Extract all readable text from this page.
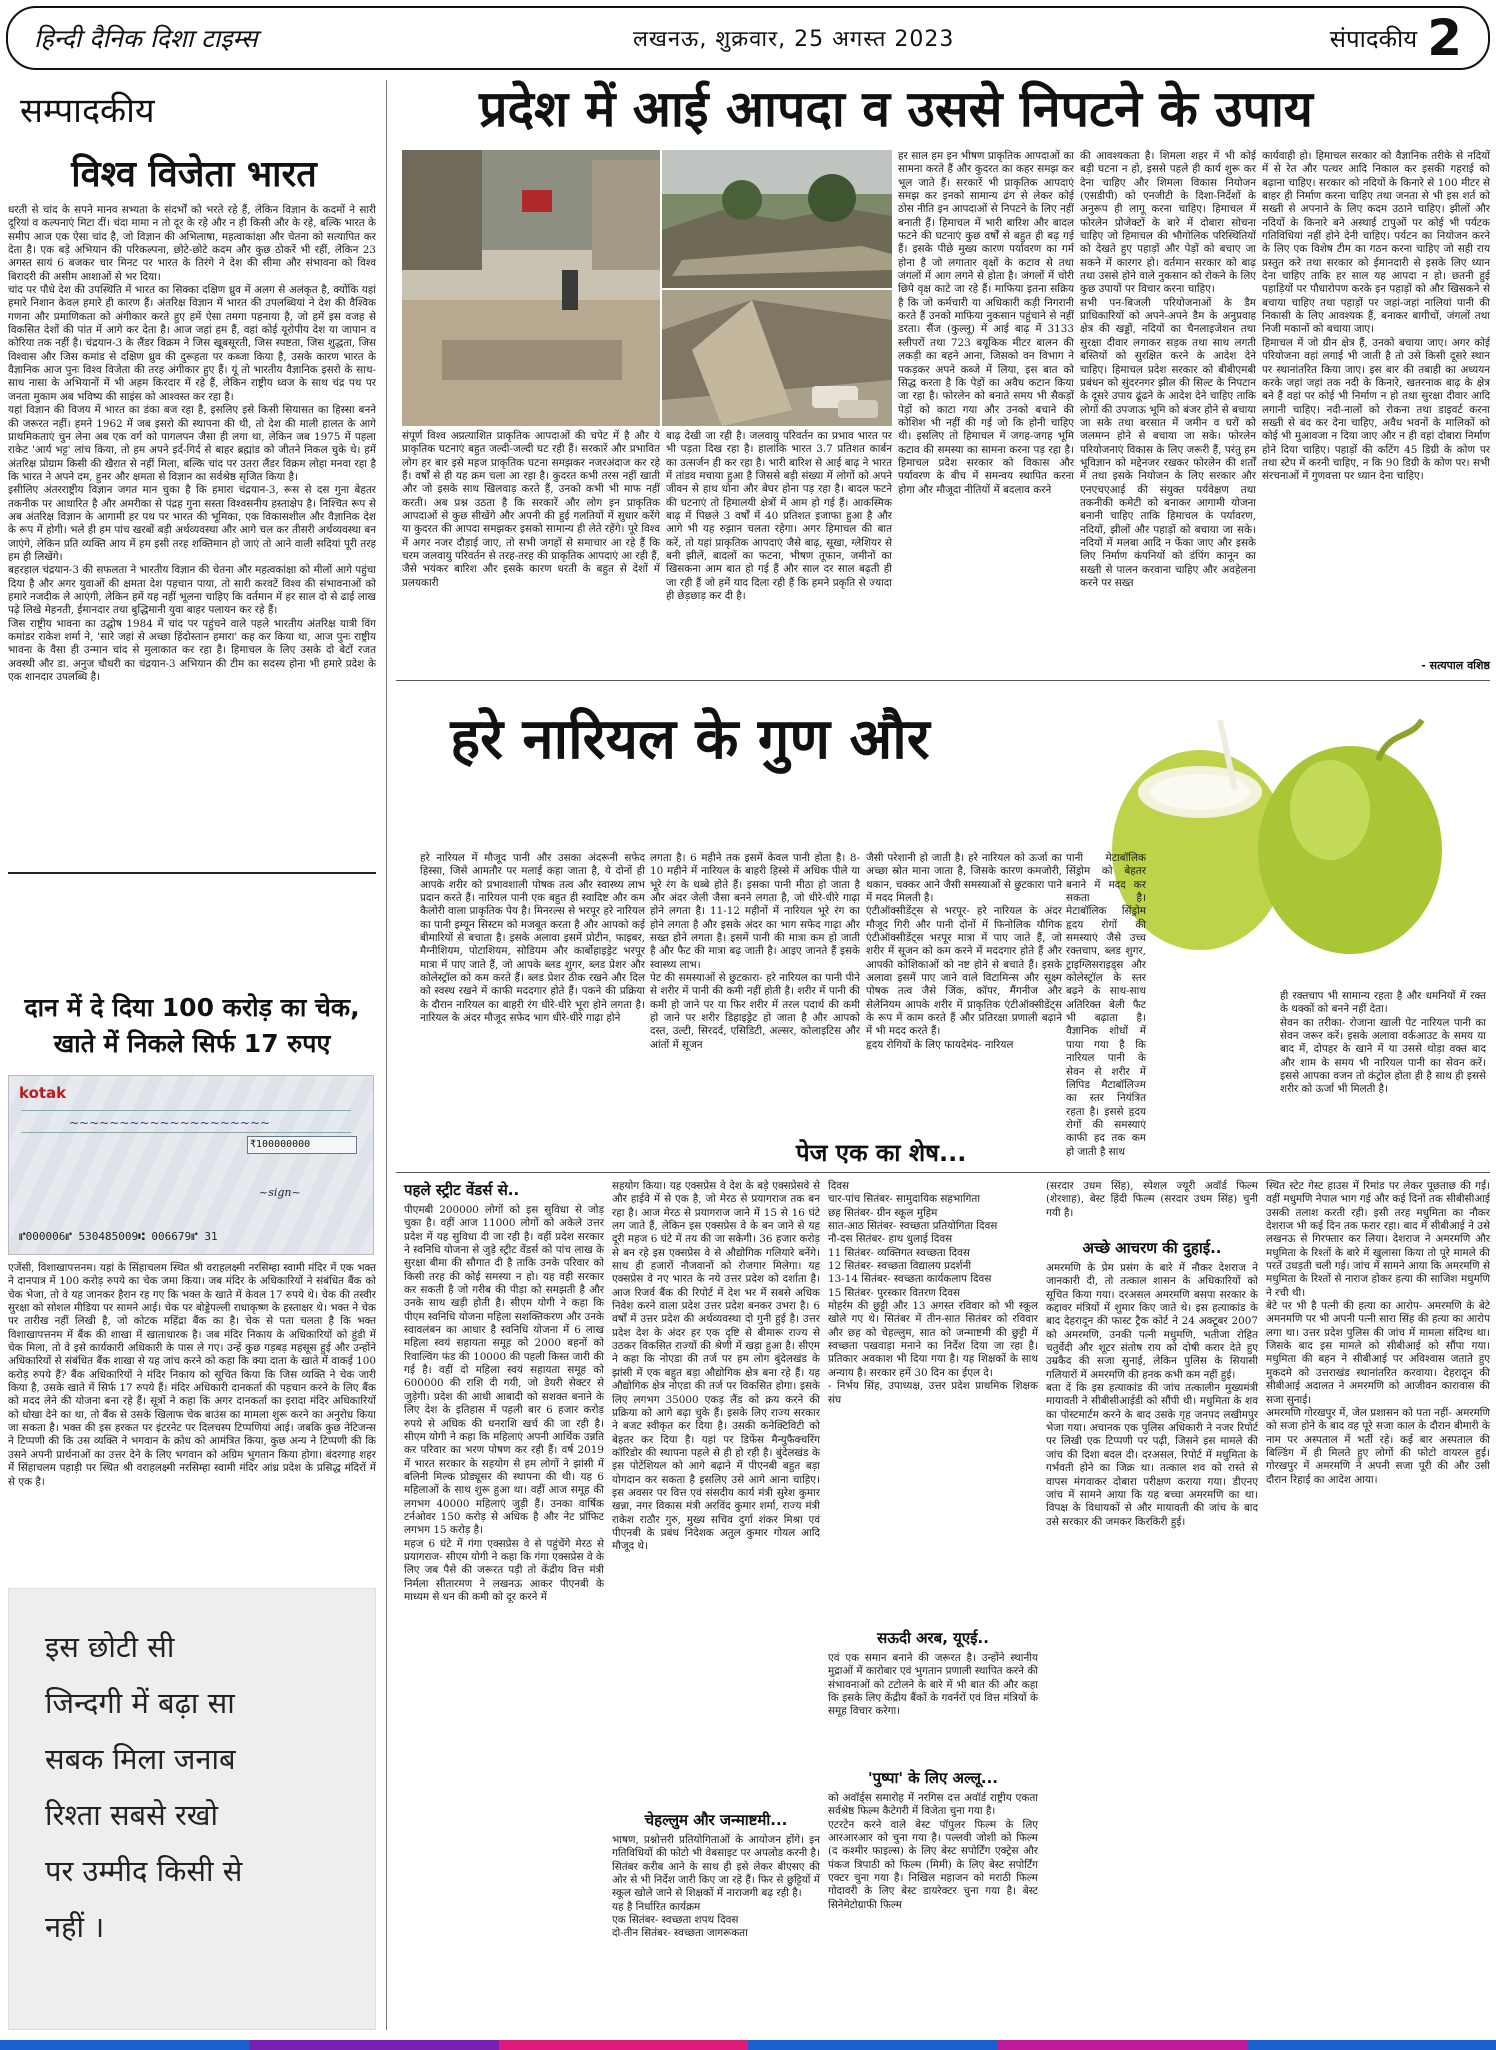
हिन्दी दैनिक दिशा टाइम्स	लखनऊ, शुक्रवार, 25 अगस्त 2023	संपादकीय 2
सम्पादकीय
विश्व विजेता भारत
धरती से चांद के सपने मानव सभ्यता के संदर्भों को भरते रहे हैं, लेकिन विज्ञान के कदमों ने सारी दूरियां व कल्पनाएं मिटा दीं। चंदा मामा न तो दूर के रहे और न ही किसी और के रहे, बल्कि भारत के समीप आज एक ऐसा चांद है, जो विज्ञान की अभिलाषा, महत्वाकांक्षा और चेतना को सत्यापित कर देता है। एक बड़े अभियान की परिकल्पना, छोटे-छोटे कदम और कुछ ठोकरें भी रहीं, लेकिन 23 अगस्त सायं 6 बजकर चार मिनट पर भारत के तिरंगे ने देश की सीमा और संभावना को विश्व बिरादरी की असीम आशाओं से भर दिया।
चांद पर पौधे देश की उपस्थिति में भारत का सिक्का दक्षिण ध्रुव में अलग से अलंकृत है, क्योंकि यहां हमारे निशान केवल हमारे ही कारण हैं। अंतरिक्ष विज्ञान में भारत की उपलब्धियां ने देश की वैश्विक गणना और प्रमाणिकता को अंगीकार करते हुए हमें ऐसा तमगा पहनाया है, जो हमें इस वजह से विकसित देशों की पांत में आगे कर देता है। आज जहां हम हैं, वहां कोई यूरोपीय देश या जापान व कोरिया तक नहीं है। चंद्रयान-3 के लैंडर विक्रम ने जिस खूबसूरती, जिस स्पष्टता, जिस शुद्धता, जिस विश्वास और जिस कमांड से दक्षिण ध्रुव की दुरूहता पर कब्जा किया है, उसके कारण भारत के वैज्ञानिक आज पुनः विश्व विजेता की तरह अंगीकार हुए हैं। यूं तो भारतीय वैज्ञानिक इसरो के साथ-साथ नासा के अभियानों में भी अहम किरदार में रहे हैं, लेकिन राष्ट्रीय ध्वज के साथ चंद्र पथ पर जनता मुकाम अब भविष्य की साइंस को आश्वस्त कर रहा है।
यहां विज्ञान की विजय में भारत का डंका बज रहा है, इसलिए इसे किसी सियासत का हिस्सा बनने की जरूरत नहीं। हमने 1962 में जब इसरो की स्थापना की थी, तो देश की माली हालत के आगे प्राथमिकताएं चुन लेना अब एक वर्ग को पागलपन जैसा ही लगा था, लेकिन जब 1975 में पहला राकेट 'आर्य भट्ट' लांच किया, तो हम अपने इर्द-गिर्द से बाहर ब्रह्मांड को जीतने निकल चुके थे। हमें अंतरिक्ष प्रोग्राम किसी की खैरात से नहीं मिला, बल्कि चांद पर उतरा लैंडर विक्रम लोहा मनवा रहा है कि भारत ने अपने दम, हुनर और क्षमता से विज्ञान का सर्वश्रेष्ठ सृजित किया है।
इसीलिए अंतरराष्ट्रीय विज्ञान जगत मान चुका है कि हमारा चंद्रयान-3, रूस से दस गुना बेहतर तकनीक पर आधारित है और अमरीका से पंद्रह गुना सस्ता विश्वसनीय हस्ताक्षेप है। निश्चित रूप से अब अंतरिक्ष विज्ञान के आगामी हर पथ पर भारत की भूमिका, एक विकासशील और वैज्ञानिक देश के रूप में होगी। भले ही हम पांच खरबों बड़ी अर्थव्यवस्था और आगे चल कर तीसरी अर्थव्यवस्था बन जाएंगे, लेकिन प्रति व्यक्ति आय में हम इसी तरह शक्तिमान हो जाएं तो आने वाली सदियां पूरी तरह हम ही लिखेंगे।
बहरहाल चंद्रयान-3 की सफलता ने भारतीय विज्ञान की चेतना और महत्वकांक्षा को मीलों आगे पहुंचा दिया है और अगर युवाओं की क्षमता देश पहचान पाया, तो सारी करवटें विश्व की संभावनाओं को हमारे नजदीक ले आएंगी, लेकिन हमें यह नहीं भूलना चाहिए कि वर्तमान में हर साल दो से ढाई लाख पढ़े लिखे मेहनती, ईमानदार तथा बुद्धिमानी युवा बाहर पलायन कर रहे हैं।
जिस राष्ट्रीय भावना का उद्घोष 1984 में चांद पर पहुंचने वाले पहले भारतीय अंतरिक्ष यात्री विंग कमांडर राकेश शर्मा ने, 'सारे जहां से अच्छा हिंदोस्तान हमारा' कह कर किया था, आज पुनः राष्ट्रीय भावना के वैसा ही उन्मान चांद से मुलाकात कर रहा है। हिमाचल के लिए उसके दो बेटों रजत अवस्थी और डा. अनुज चौधरी का चंद्रयान-3 अभियान की टीम का सदस्य होना भी हमारे प्रदेश के एक शानदार उपलब्धि है।
दान में दे दिया 100 करोड़ का चेक, खाते में निकले सिर्फ 17 रुपए
kotak
~~~~~~~~~~~~~~~~~~~~
₹100000000
~sign~
⑈000006⑈ 530485009⑆ 006679⑈ 31
एजेंसी, विशाखापत्तनम। यहां के सिंहाचलम स्थित श्री वराहलक्ष्मी नरसिम्हा स्वामी मंदिर में एक भक्त ने दानपात्र में 100 करोड़ रुपये का चेक जमा किया। जब मंदिर के अधिकारियों ने संबंधित बैंक को चेक भेजा, तो वे यह जानकर हैरान रह गए कि भक्त के खाते में केवल 17 रुपये थे। चेक की तस्वीर सुरक्षा को सोशल मीडिया पर सामने आई। चेक पर बोड्डेपल्ली राधाकृष्ण के हस्ताक्षर थे। भक्त ने चेक पर तारीख नहीं लिखी है, जो कोटक महिंद्रा बैंक का है। चेक से पता चलता है कि भक्त विशाखापत्तनम में बैंक की शाखा में खाताधारक है। जब मंदिर निकाय के अधिकारियों को हुंडी में चेक मिला, तो वे इसे कार्यकारी अधिकारी के पास ले गए। उन्हें कुछ गड़बड़ महसूस हुई और उन्होंने अधिकारियों से संबंधित बैंक शाखा से यह जांच करने को कहा कि क्या दाता के खाते में वाकई 100 करोड़ रुपये हैं? बैंक अधिकारियों ने मंदिर निकाय को सूचित किया कि जिस व्यक्ति ने चेक जारी किया है, उसके खाते में सिर्फ 17 रुपये हैं। मंदिर अधिकारी दानकर्ता की पहचान करने के लिए बैंक को मदद लेने की योजना बना रहे हैं। सूत्रों ने कहा कि अगर दानकर्ता का इरादा मंदिर अधिकारियों को धोखा देने का था, तो बैंक से उसके खिलाफ चेक बाउंस का मामला शुरू करने का अनुरोध किया जा सकता है। भक्त की इस हरकत पर इंटरनेट पर दिलचस्प टिप्पणियां आई। जबकि कुछ नेटिजन्स ने टिप्पणी की कि उस व्यक्ति ने भगवान के क्रोध को आमंत्रित किया, कुछ अन्य ने टिप्पणी की कि उसने अपनी प्रार्थनाओं का उत्तर देने के लिए भगवान को अग्रिम भुगतान किया होगा। बंदरगाह शहर में सिंहाचलम पहाड़ी पर स्थित श्री वराहलक्ष्मी नरसिम्हा स्वामी मंदिर आंध्र प्रदेश के प्रसिद्ध मंदिरों में से एक है।
इस छोटी सी
जिन्दगी में बढ़ा सा
सबक मिला जनाब
रिश्ता सबसे रखो
पर उम्मीद किसी से
नहीं ।
प्रदेश में आई आपदा व उससे निपटने के उपाय
संपूर्ण विश्व अप्रत्याशित प्राकृतिक आपदाओं की चपेट में है और ये प्राकृतिक घटनाएं बहुत जल्दी-जल्दी घट रही हैं। सरकारें और प्रभावित लोग हर बार इसे महज प्राकृतिक घटना समझकर नजरअंदाज कर रहे हैं। वर्षों से ही यह क्रम चला आ रहा है। कुदरत कभी तरस नहीं खाती और जो इसके साथ खिलवाड़ करते हैं, उनको कभी भी माफ नहीं करती। अब प्रश्न उठता है कि सरकारें और लोग इन प्राकृतिक आपदाओं से कुछ सीखेंगे और अपनी की हुई गलतियों में सुधार करेंगे या कुदरत की आपदा समझकर इसको सामान्य ही लेते रहेंगे। पूरे विश्व में अगर नजर दौड़ाई जाए, तो सभी जगहों से समाचार आ रहे हैं कि चरम जलवायु परिवर्तन से तरह-तरह की प्राकृतिक आपदाएं आ रही हैं, जैसे भयंकर बारिश और इसके कारण धरती के बहुत से देशों में प्रलयकारी
बाढ़ देखी जा रही है। जलवायु परिवर्तन का प्रभाव भारत पर भी पड़ता दिख रहा है। हालांकि भारत 3.7 प्रतिशत कार्बन का उत्सर्जन ही कर रहा है। भारी बारिश से आई बाढ़ ने भारत में तांडव मचाया हुआ है जिससे बड़ी संख्या में लोगों को अपने जीवन से हाथ धोना और बेघर होना पड़ रहा है। बादल फटने की घटनाएं तो हिमालयी क्षेत्रों में आम हो गई हैं। आकस्मिक बाढ़ में पिछले 3 वर्षों में 40 प्रतिशत इजाफा हुआ है और आगे भी यह रुझान चलता रहेगा। अगर हिमाचल की बात करें, तो यहां प्राकृतिक आपदाएं जैसे बाढ़, सूखा, ग्लेशियर से बनी झीलें, बादलों का फटना, भीषण तूफान, जमीनों का खिसकना आम बात हो गई हैं और साल दर साल बढ़ती ही जा रही हैं जो हमें याद दिला रही हैं कि हमने प्रकृति से ज्यादा ही छेड़छाड़ कर दी है।
हर साल हम इन भीषण प्राकृतिक आपदाओं का सामना करते हैं और कुदरत का कहर समझ कर भूल जाते हैं। सरकारें भी प्राकृतिक आपदाएं समझ कर इनको सामान्य ढंग से लेकर कोई ठोस नीति इन आपदाओं से निपटने के लिए नहीं बनाती हैं। हिमाचल में भारी बारिश और बादल फटने की घटनाएं कुछ वर्षों से बहुत ही बढ़ गई हैं। इसके पीछे मुख्य कारण पर्यावरण का गर्म होना है जो लगातार वृक्षों के कटाव से तथा जंगलों में आग लगने से होता है। जंगलों में चोरी छिपे वृक्ष काटे जा रहे हैं। माफिया इतना सक्रिय है कि जो कर्मचारी या अधिकारी कड़ी निगरानी करते हैं उनको माफिया नुकसान पहुंचाने से नहीं डरता। सैंज (कुल्लू) में आई बाढ़ में 3133 स्लीपरों तथा 723 बयूकिक मीटर बालन की लकड़ी का बहने आना, जिसको वन विभाग ने पकड़कर अपने कब्जे में लिया, इस बात को सिद्ध करता है कि पेड़ों का अवैध कटान किया जा रहा है। फोरलेन को बनाते समय भी सैकड़ों पेड़ों को काटा गया और उनको बचाने की कोशिश भी नहीं की गई जो कि होनी चाहिए थी। इसलिए तो हिमाचल में जगह-जगह भूमि कटाव की समस्या का सामना करना पड़ रहा है। हिमाचल प्रदेश सरकार को विकास और पर्यावरण के बीच में समन्वय स्थापित करना होगा और मौजूदा नीतियों में बदलाव करने
की आवश्यकता है। शिमला शहर में भी कोई बड़ी घटना न हो, इससे पहले ही कार्य शुरू कर देना चाहिए और शिमला विकास नियोजन (एसडीपी) को एनजीटी के दिशा-निर्देशों के अनुरूप ही लागू करना चाहिए। हिमाचल में फोरलेन प्रोजेक्टों के बारे में दोबारा सोचना चाहिए जो हिमाचल की भौगोलिक परिस्थितियों को देखते हुए पहाड़ों और पेड़ों को बचाए जा सकने में कारगर हो। वर्तमान सरकार को बाढ़ तथा उससे होने वाले नुकसान को रोकने के लिए कुछ उपायों पर विचार करना चाहिए।
सभी पन-बिजली परियोजनाओं के डैम प्राधिकारियों को अपने-अपने डैम के अनुप्रवाह क्षेत्र की खड्डों, नदियों का चैनलाइजेशन तथा सुरक्षा दीवार लगाकर सड़क तथा साथ लगती बस्तियों को सुरक्षित करने के आदेश देने चाहिए। हिमाचल प्रदेश सरकार को बीबीएमबी प्रबंधन को सुंदरनगर झील की सिल्ट के निपटान के दूसरे उपाय ढूंढने के आदेश देने चाहिए ताकि लोगों की उपजाऊ भूमि को बंजर होने से बचाया जा सके तथा बरसात में जमीन व घरों को जलमग्न होने से बचाया जा सके। फोरलेन परियोजनाएं विकास के लिए जरूरी हैं, परंतु हम भूविज्ञान को मद्देनजर रखकर फोरलेन की शर्तों में तथा इसके नियोजन के लिए सरकार और एनएचएआई की संयुक्त पर्यवेक्षण तथा तकनीकी कमेटी को बनाकर आगामी योजना बनानी चाहिए ताकि हिमाचल के पर्यावरण, नदियों, झीलों और पहाड़ों को बचाया जा सके। नदियों में मलबा आदि न फेंका जाए और इसके लिए निर्माण कंपनियों को डंपिंग कानून का सख्ती से पालन करवाना चाहिए और अवहेलना करने पर सख्त
कार्यवाही हो। हिमाचल सरकार को वैज्ञानिक तरीके से नदियों में से रेत और पत्थर आदि निकाल कर इसकी गहराई को बढ़ाना चाहिए। सरकार को नदियों के किनारे से 100 मीटर से बाहर ही निर्माण करना चाहिए तथा जनता से भी इस शर्त को सख्ती से अपनाने के लिए कदम उठाने चाहिए। झीलों और नदियों के किनारे बने अस्थाई टापुओं पर कोई भी पर्यटक गतिविधियां नहीं होने देनी चाहिए। पर्यटन का नियोजन करने के लिए एक विशेष टीम का गठन करना चाहिए जो सही राय प्रस्तुत करे तथा सरकार को ईमानदारी से इसके लिए ध्यान देना चाहिए ताकि हर साल यह आपदा न हो। छतनी हुई पहाड़ियों पर पौधारोपण करके इन पहाड़ों को और खिसकने से बचाया चाहिए तथा पहाड़ों पर जहां-जहां नालियां पानी की निकासी के लिए आवश्यक हैं, बनाकर बागीचों, जंगलों तथा निजी मकानों को बचाया जाए।
हिमाचल में जो ग्रीन क्षेत्र हैं, उनको बचाया जाए। अगर कोई परियोजना वहां लगाई भी जाती है तो उसे किसी दूसरे स्थान पर स्थानांतरित किया जाए। इस बार की तबाही का अध्ययन करके जहां जहां तक नदी के किनारे, खतरनाक बाढ़ के क्षेत्र बने हैं वहां पर कोई भी निर्माण न हो तथा सुरक्षा दीवार आदि लगानी चाहिए। नदी-नालों को रोकना तथा डाइवर्ट करना सख्ती से बंद कर देना चाहिए, अवैध भवनों के मालिकों को कोई भी मुआवजा न दिया जाए और न ही वहां दोबारा निर्माण होने दिया चाहिए। पहाड़ों की कटिंग 45 डिग्री के कोण पर तथा स्टेप में करनी चाहिए, न कि 90 डिग्री के कोण पर। सभी संरचनाओं में गुणवत्ता पर ध्यान देना चाहिए।
- सत्यपाल वशिष्ठ
हरे नारियल के गुण और
हरे नारियल में मौजूद पानी और उसका अंदरूनी सफेद हिस्सा, जिसे आमतौर पर मलाई कहा जाता है, ये दोनों ही आपके शरीर को प्रभावशाली पोषक तत्व और स्वास्थ्य लाभ प्रदान करते हैं। नारियल पानी एक बहुत ही स्वादिष्ट और कम कैलोरी वाला प्राकृतिक पेय है। मिनरल्स से भरपूर हरे नारियल का पानी इम्यून सिस्टम को मजबूत करता है और आपको कई बीमारियों से बचाता है। इसके अलावा इसमें प्रोटीन, फाइबर, मैग्नीशियम, पोटाशियम, सोडियम और कार्बोहाइड्रेट भरपूर मात्रा में पाए जाते हैं, जो आपके ब्लड शुगर, ब्लड प्रेशर और कोलेस्ट्रॉल को कम करते हैं। ब्लड प्रेशर ठीक रखने और दिल को स्वस्थ रखने में काफी मददगार होते हैं। पकने की प्रक्रिया के दौरान नारियल का बाहरी रंग धीरे-धीरे भूरा होने लगता है। नारियल के अंदर मौजूद सफेद भाग धीरे-धीरे गाढ़ा होने
लगता है। 6 महीने तक इसमें केवल पानी होता है। 8-10 महीने में नारियल के बाहरी हिस्से में अधिक पीले या भूरे रंग के धब्बे होते हैं। इसका पानी मीठा हो जाता है और अंदर जेली जैसा बनने लगता है, जो धीरे-धीरे गाढ़ा होने लगता है। 11-12 महीनों में नारियल भूरे रंग का होने लगता है और इसके अंदर का भाग सफेद गाढ़ा और सख्त होने लगता है। इसमें पानी की मात्रा कम हो जाती है और फैट की मात्रा बढ़ जाती है। आइए जानते हैं इसके स्वास्थ्य लाभ।
पेट की समस्याओं से छुटकारा- हरे नारियल का पानी पीने से शरीर में पानी की कमी नहीं होती है। शरीर में पानी की कमी हो जाने पर या फिर शरीर में तरल पदार्थ की कमी हो जाने पर शरीर डिहाइड्रेट हो जाता है और आपको दस्त, उल्टी, सिरदर्द, एसिडिटी, अल्सर, कोलाइटिस और आंतों में सूजन
जैसी परेशानी हो जाती है। हरे नारियल को ऊर्जा का अच्छा स्रोत माना जाता है, जिसके कारण कमजोरी, थकान, चक्कर आने जैसी समस्याओं से छुटकारा पाने में मदद मिलती है।
एंटीऑक्सीडेंट्स से भरपूर- हरे नारियल के अंदर मौजूद गिरी और पानी दोनों में फिनोलिक यौगिक एंटीऑक्सीडेंट्स भरपूर मात्रा में पाए जाते हैं, जो शरीर में सूजन को कम करने में मददगार होते हैं और आपकी कोशिकाओं को नष्ट होने से बचाते हैं। इसके अलावा इसमें पाए जाने वाले विटामिन्स और सूक्ष्म पोषक तत्व जैसे जिंक, कॉपर, मैंगनीज और सेलेनियम आपके शरीर में प्राकृतिक एंटीऑक्सीडेंट्स के रूप में काम करते हैं और प्रतिरक्षा प्रणाली बढ़ाने में भी मदद करते हैं।
हृदय रोगियों के लिए फायदेमंद- नारियल
पानी मेटाबॉलिक सिंड्रोम को बेहतर बनाने में मदद कर सकता है। मेटाबॉलिक सिंड्रोम हृदय रोगों की समस्याएं जैसे उच्च रक्तचाप, ब्लड शुगर, ट्राइग्लिसराइड्स और कोलेस्ट्रॉल के स्तर बढ़ने के साथ-साथ अतिरिक्त बेली फैट भी बढ़ाता है। वैज्ञानिक शोधों में पाया गया है कि नारियल पानी के सेवन से शरीर में लिपिड मैटाबॉलिज्म का स्तर नियंत्रित रहता है। इससे हृदय रोगों की समस्याएं काफी हद तक कम हो जाती है साथ
ही रक्तचाप भी सामान्य रहता है और धमनियों में रक्त के थक्कों को बनने नहीं देता।
सेवन का तरीका- रोजाना खाली पेट नारियल पानी का सेवन जरूर करें। इसके अलावा वर्कआउट के समय या बाद में, दोपहर के खाने में या उससे थोड़ा वक्त बाद और शाम के समय भी नारियल पानी का सेवन करें। इससे आपका वजन तो कंट्रोल होता ही है साथ ही इससे शरीर को ऊर्जा भी मिलती है।
पेज एक का शेष...
पहले स्ट्रीट वेंडर्स से..
पीएमबी 200000 लोगों को इस सुविधा से जोड़ चुका है। वहीं आज 11000 लोगों को अकेले उत्तर प्रदेश में यह सुविधा दी जा रही है। वहीं प्रदेश सरकार ने स्वनिधि योजना से जुड़े स्ट्रीट वेंडर्स को पांच लाख के सुरक्षा बीमा की सौगात दी है ताकि उनके परिवार को किसी तरह की कोई समस्या न हो। यह वही सरकार कर सकती है जो गरीब की पीड़ा को समझती है और उनके साथ खड़ी होती है। सीएम योगी ने कहा कि पीएम स्वनिधि योजना महिला सशक्तिकरण और उनके स्वावलंबन का आधार है स्वनिधि योजना में 6 लाख महिला स्वयं सहायता समूह को 2000 बहनों को रिवाल्विंग फंड की 10000 की पहली किस्त जारी की गई है। वहीं दो महिला स्वयं सहायता समूह को 600000 की राशि दी गयी, जो डेयरी सेक्टर से जुड़ेगी। प्रदेश की आधी आबादी को सशक्त बनाने के लिए देश के इतिहास में पहली बार 6 हजार करोड़ रुपये से अधिक की धनराशि खर्च की जा रही है। सीएम योगी ने कहा कि महिलाएं अपनी आर्थिक उन्नति कर परिवार का भरण पोषण कर रही हैं। वर्ष 2019 में भारत सरकार के सहयोग से हम लोगों ने झांसी में बलिनी मिल्क प्रोड्यूसर की स्थापना की थी। यह 6 महिलाओं के साथ शुरू हुआ था। वहीं आज समूह की लगभग 40000 महिलाएं जुड़ी हैं। उनका वार्षिक टर्नओवर 150 करोड़ से अधिक है और नेट प्रॉफिट लगभग 15 करोड़ है।
महज 6 घंटे में गंगा एक्सप्रेस वे से पहुंचेंगे मेरठ से प्रयागराज- सीएम योगी ने कहा कि गंगा एक्सप्रेस वे के लिए जब पैसे की जरूरत पड़ी तो केंद्रीय वित्त मंत्री निर्मला सीतारमण ने लखनऊ आकर पीएनबी के माध्यम से धन की कमी को दूर करने में
सहयोग किया। यह एक्सप्रेस वे देश के बड़े एक्सप्रेसवे से और हाईवे में से एक है, जो मेरठ से प्रयागराज तक बन रहा है। आज मेरठ से प्रयागराज जाने में 15 से 16 घंटे लग जाते हैं, लेकिन इस एक्सप्रेस वे के बन जाने से यह दूरी महज 6 घंटे में तय की जा सकेगी। 36 हजार करोड़ से बन रहे इस एक्सप्रेस वे से औद्योगिक गलियारे बनेंगे। साथ ही हजारों नौजवानों को रोजगार मिलेगा। यह एक्सप्रेस वे नए भारत के नये उत्तर प्रदेश को दर्शाता है। आज रिजर्व बैंक की रिपोर्ट में देश भर में सबसे अधिक निवेश करने वाला प्रदेश उत्तर प्रदेश बनकर उभरा है। 6 वर्षों में उत्तर प्रदेश की अर्थव्यवस्था दो गुनी हुई है। उत्तर प्रदेश देश के अंदर हर एक दृष्टि से बीमारू राज्य से उठकर विकसित राज्यों की श्रेणी में खड़ा हुआ है। सीएम ने कहा कि नोएडा की तर्ज पर हम लोग बुंदेलखंड के झांसी में एक बहुत बड़ा औद्योगिक क्षेत्र बना रहे हैं। यह औद्योगिक क्षेत्र नोएडा की तर्ज पर विकसित होगा। इसके लिए लगभग 35000 एकड़ लैंड को क्रय करने की प्रक्रिया को आगे बढ़ा चुके हैं। इसके लिए राज्य सरकार ने बजट स्वीकृत कर दिया है। उसकी कनेक्टिविटी को बेहतर कर दिया है। यहां पर डिफेंस मैन्युफैक्चरिंग कॉरिडोर की स्थापना पहले से ही हो रही है। बुंदेलखंड के इस पोटेंशियल को आगे बढ़ाने में पीएनबी बहुत बड़ा योगदान कर सकता है इसलिए उसे आगे आना चाहिए। इस अवसर पर वित्त एवं संसदीय कार्य मंत्री सुरेश कुमार खन्ना, नगर विकास मंत्री अरविंद कुमार शर्मा, राज्य मंत्री राकेश राठौर गुरु, मुख्य सचिव दुर्गा शंकर मिश्रा एवं पीएनबी के प्रबंध निदेशक अतुल कुमार गोयल आदि मौजूद थे।
चेहल्लुम और जन्माष्टमी...
भाषण, प्रश्नोत्तरी प्रतियोगिताओं के आयोजन होंगे। इन गतिविधियों की फोटो भी वेबसाइट पर अपलोड करनी है। सितंबर करीब आने के साथ ही इसे लेकर बीएसए की ओर से भी निर्देश जारी किए जा रहे हैं। फिर से छुट्टियों में स्कूल खोले जाने से शिक्षकों में नाराजगी बढ़ रही है।
यह है निर्धारित कार्यक्रम
एक सितंबर- स्वच्छता शपथ दिवस
दो-तीन सितंबर- स्वच्छता जागरूकता
दिवस
चार-पांच सितंबर- सामुदायिक सहभागिता
छह सितंबर- ग्रीन स्कूल मुहिम
सात-आठ सितंबर- स्वच्छता प्रतियोगिता दिवस
नौ-दस सितंबर- हाथ धुलाई दिवस
11 सितंबर- व्यक्तिगत स्वच्छता दिवस
12 सितंबर- स्वच्छता विद्यालय प्रदर्शनी
13-14 सितंबर- स्वच्छता कार्यकलाप दिवस
15 सितंबर- पुरस्कार वितरण दिवस
मोहर्रम की छुट्टी और 13 अगस्त रविवार को भी स्कूल खोले गए थे। सितंबर में तीन-सात सितंबर को रविवार और छह को चेहल्लुम, सात को जन्माष्टमी की छुट्टी में स्वच्छता पखवाड़ा मनाने का निर्देश दिया जा रहा है। प्रतिकार अवकाश भी दिया गया है। यह शिक्षकों के साथ अन्याय है। सरकार हमें 30 दिन का ईएल दे।
- निर्भय सिंह, उपाध्यक्ष, उत्तर प्रदेश प्राथमिक शिक्षक संघ
सऊदी अरब, यूएई..
एवं एक समान बनाने की जरूरत है। उन्होंने स्थानीय मुद्राओं में कारोबार एवं भुगतान प्रणाली स्थापित करने की संभावनाओं को टटोलने के बारे में भी बात की और कहा कि इसके लिए केंद्रीय बैंकों के गवर्नरों एवं वित्त मंत्रियों के समूह विचार करेगा।
'पुष्पा' के लिए अल्लू...
को अवॉर्ड्स समारोह में नरगिस दत्त अवॉर्ड राष्ट्रीय एकता सर्वश्रेष्ठ फिल्म कैटेगरी में विजेता चुना गया है।
एटरटेन करने वाले बेस्ट पॉपुलर फिल्म के लिए आरआरआर को चुना गया है। पल्लवी जोशी को फिल्म (द कश्मीर फाइल्स) के लिए बेस्ट सपोर्टिंग एक्ट्रेस और पंकज त्रिपाठी को फिल्म (मिमी) के लिए बेस्ट सपोर्टिंग एक्टर चुना गया है। निखिल महाजन को मराठी फिल्म गोदावरी के लिए बेस्ट डायरेक्टर चुना गया है। बेस्ट सिनेमेटोग्राफी फिल्म
(सरदार उधम सिंह), स्पेशल ज्यूरी अवॉर्ड फिल्म (शेरशाह), बेस्ट हिंदी फिल्म (सरदार उधम सिंह) चुनी गयी है।
अच्छे आचरण की दुहाई..
अमरमणि के प्रेम प्रसंग के बारे में नौकर देशराज ने जानकारी दी, तो तत्काल शासन के अधिकारियों को सूचित किया गया। दरअसल अमरमणि बसपा सरकार के कद्दावर मंत्रियों में शुमार किए जाते थे। इस हत्याकांड के बाद देहरादून की फास्ट ट्रैक कोर्ट ने 24 अक्टूबर 2007 को अमरमणि, उनकी पत्नी मधुमणि, भतीजा रोहित चतुर्वेदी और शूटर संतोष राय को दोषी करार देते हुए उम्रकैद की सजा सुनाई, लेकिन पुलिस के सियासी गलियारों में अमरमणि की हनक कभी कम नहीं हुई।
बता दें कि इस हत्याकांड की जांच तत्कालीन मुख्यमंत्री मायावती ने सीबीसीआईडी को सौंपी थी। मधुमिता के शव का पोस्टमार्टम करने के बाद उसके गृह जनपद लखीमपुर भेजा गया। अचानक एक पुलिस अधिकारी ने नजर रिपोर्ट पर लिखी एक टिप्पणी पर पढ़ी, जिसने इस मामले की जांच की दिशा बदल दी। दरअसल, रिपोर्ट में मधुमिता के गर्भवती होने का जिक्र था। तत्काल शव को रास्ते से वापस मंगवाकर दोबारा परीक्षण कराया गया। डीएनए जांच में सामने आया कि यह बच्चा अमरमणि का था। विपक्ष के विधायकों से और मायावती की जांच के बाद उसे सरकार की जमकर किरकिरी हुई।
स्थित स्टेट गेस्ट हाउस में रिमांड पर लेकर पूछताछ की गई। वहीं मधुमणि नेपाल भाग गई और कई दिनों तक सीबीसीआई उसकी तलाश करती रही। इसी तरह मधुमिता का नौकर देशराज भी कई दिन तक फरार रहा। बाद में सीबीआई ने उसे लखनऊ से गिरफ्तार कर लिया। देशराज ने अमरमणि और मधुमिता के रिश्तों के बारे में खुलासा किया तो पूरे मामले की परतें उधड़ती चली गई। जांच में सामने आया कि अमरमणि से मधुमिता के रिश्तों से नाराज होकर हत्या की साजिश मधुमणि ने रची थी।
बेटे पर भी है पत्नी की हत्या का आरोप- अमरमणि के बेटे अमनमणि पर भी अपनी पत्नी सारा सिंह की हत्या का आरोप लगा था। उत्तर प्रदेश पुलिस की जांच में मामला संदिग्ध था। जिसके बाद इस मामले को सीबीआई को सौंपा गया। मधुमिता की बहन ने सीबीआई पर अविश्वास जताते हुए मुकदमे को उत्तराखंड स्थानांतरित करवाया। देहरादून की सीबीआई अदालत ने अमरमणि को आजीवन कारावास की सजा सुनाई।
अमरमणि गोरखपुर में, जेल प्रशासन को पता नहीं- अमरमणि को सजा होने के बाद वह पूरे सजा काल के दौरान बीमारी के नाम पर अस्पताल में भर्ती रहे। कई बार अस्पताल की बिल्डिंग में ही मिलते हुए लोगों की फोटो वायरल हुई। गोरखपुर में अमरमणि ने अपनी सजा पूरी की और उसी दौरान रिहाई का आदेश आया।
